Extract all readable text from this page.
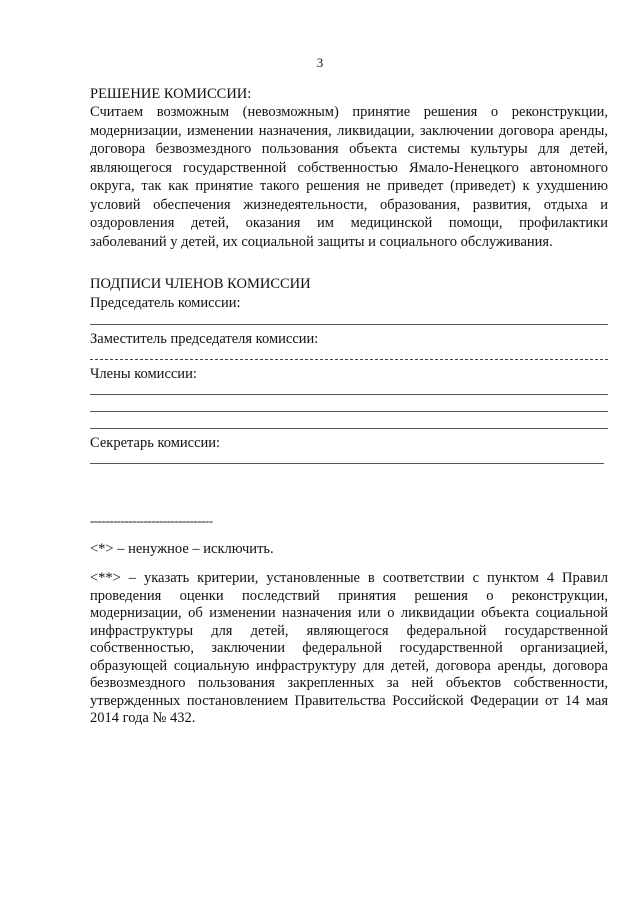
3
РЕШЕНИЕ КОМИССИИ:

Считаем возможным (невозможным) принятие решения о реконструкции, модернизации, изменении назначения, ликвидации, заключении договора аренды, договора безвозмездного пользования объекта системы культуры для детей, являющегося государственной собственностью Ямало-Ненецкого автономного округа, так как принятие такого решения не приведет (приведет) к ухудшению условий обеспечения жизнедеятельности, образования, развития, отдыха и оздоровления детей, оказания им медицинской помощи, профилактики заболеваний у детей, их социальной защиты и социального обслуживания.

ПОДПИСИ ЧЛЕНОВ КОМИССИИ
Председатель комиссии:
Заместитель председателя комиссии:
Члены комиссии:
Секретарь комиссии:
--------------------------------

<*> – ненужное – исключить.

<**> – указать критерии, установленные в соответствии с пунктом 4 Правил проведения оценки последствий принятия решения о реконструкции, модернизации, об изменении назначения или о ликвидации объекта социальной инфраструктуры для детей, являющегося федеральной государственной собственностью, заключении федеральной государственной организацией, образующей социальную инфраструктуру для детей, договора аренды, договора безвозмездного пользования закрепленных за ней объектов собственности, утвержденных постановлением Правительства Российской Федерации от 14 мая 2014 года № 432.
